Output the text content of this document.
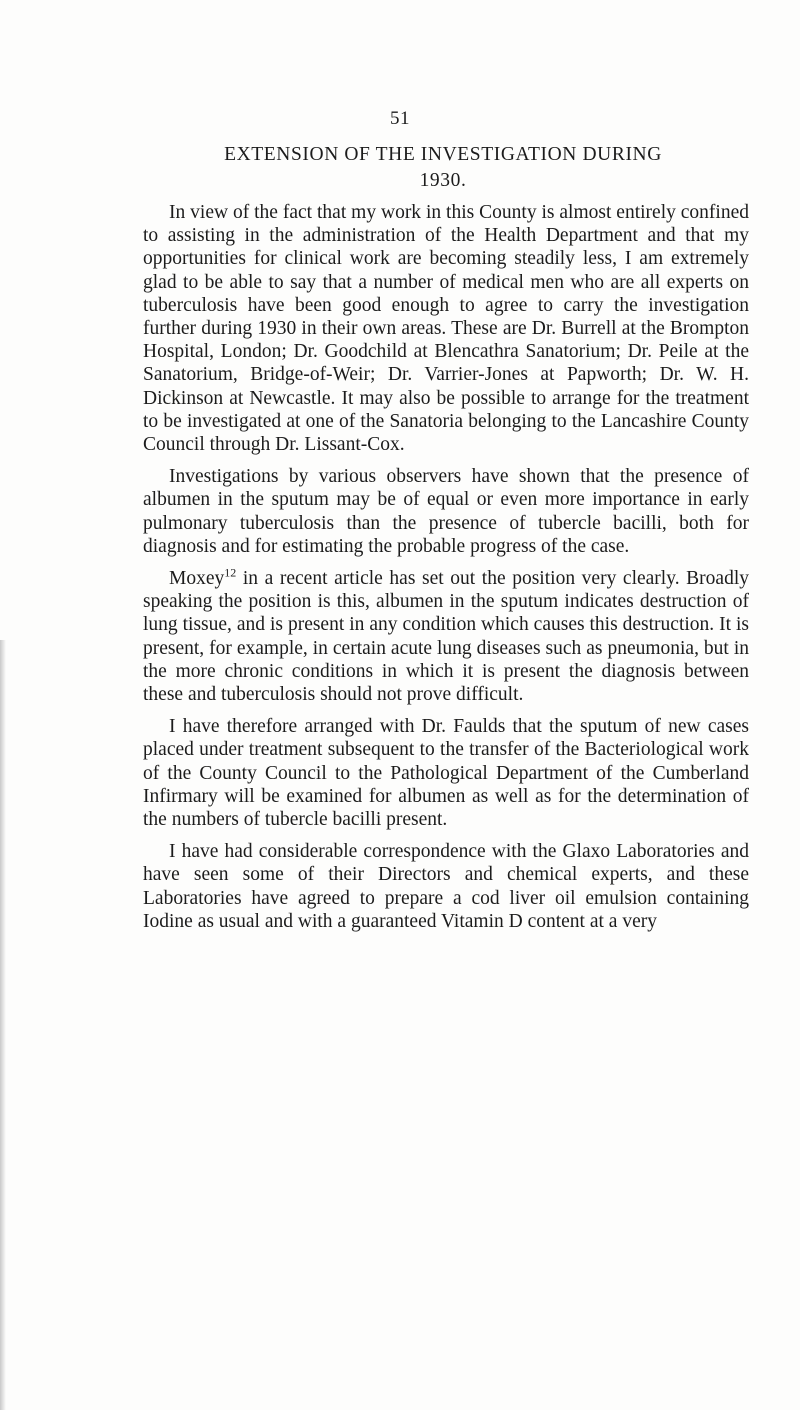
51
EXTENSION OF THE INVESTIGATION DURING
1930.

In view of the fact that my work in this County is almost entirely confined to assisting in the administration of the Health Department and that my opportunities for clinical work are becoming steadily less, I am extremely glad to be able to say that a number of medical men who are all experts on tuberculosis have been good enough to agree to carry the investigation further during 1930 in their own areas. These are Dr. Burrell at the Brompton Hospital, London; Dr. Goodchild at Blencathra Sanatorium; Dr. Peile at the Sanatorium, Bridge-of-Weir; Dr. Varrier-Jones at Papworth; Dr. W. H. Dickinson at Newcastle. It may also be possible to arrange for the treatment to be investigated at one of the Sanatoria belonging to the Lancashire County Council through Dr. Lissant-Cox.

Investigations by various observers have shown that the presence of albumen in the sputum may be of equal or even more importance in early pulmonary tuberculosis than the presence of tubercle bacilli, both for diagnosis and for estimating the probable progress of the case.

Moxey$^{12}$ in a recent article has set out the position very clearly. Broadly speaking the position is this, albumen in the sputum indicates destruction of lung tissue, and is present in any condition which causes this destruction. It is present, for example, in certain acute lung diseases such as pneumonia, but in the more chronic conditions in which it is present the diagnosis between these and tuberculosis should not prove difficult.

I have therefore arranged with Dr. Faulds that the sputum of new cases placed under treatment subsequent to the transfer of the Bacteriological work of the County Council to the Pathological Department of the Cumberland Infirmary will be examined for albumen as well as for the determination of the numbers of tubercle bacilli present.

I have had considerable correspondence with the Glaxo Laboratories and have seen some of their Directors and chemical experts, and these Laboratories have agreed to prepare a cod liver oil emulsion containing Iodine as usual and with a guaranteed Vitamin D content at a very
